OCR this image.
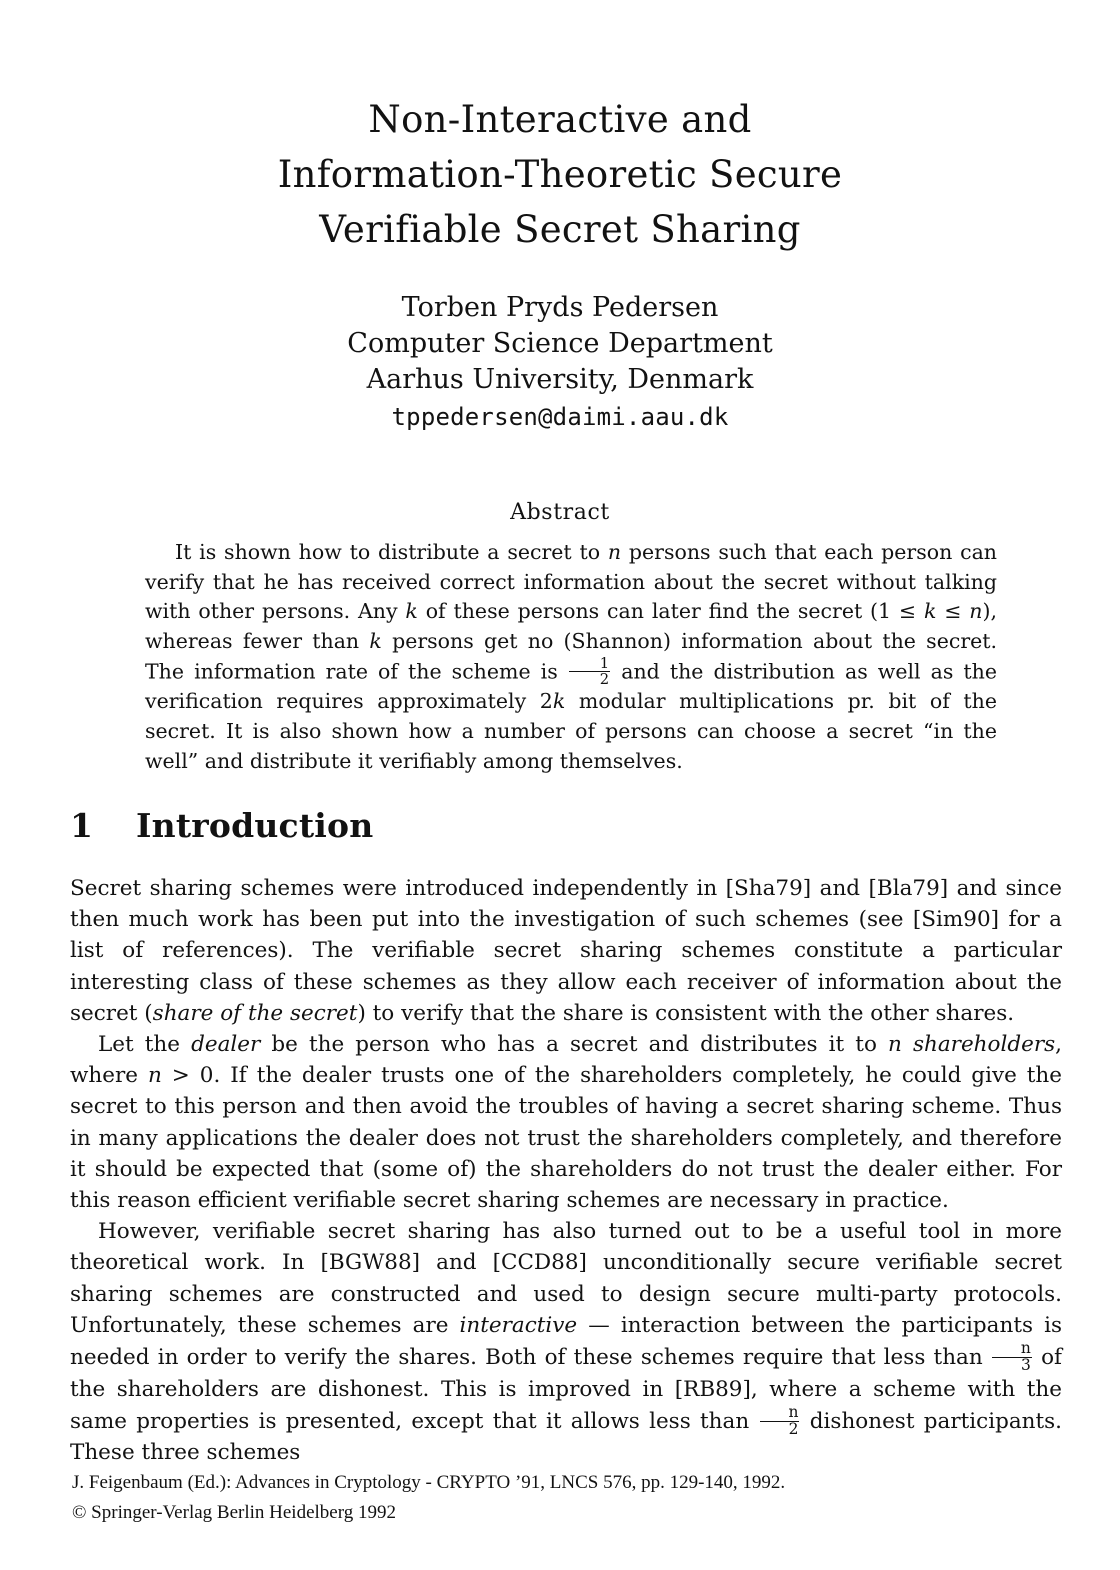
Non-Interactive and
Information-Theoretic Secure
Verifiable Secret Sharing
Torben Pryds Pedersen
Computer Science Department
Aarhus University, Denmark
tppedersen@daimi.aau.dk
Abstract

It is shown how to distribute a secret to n persons such that each person can verify that he has received correct information about the secret without talking with other persons. Any k of these persons can later find the secret (1 ≤ k ≤ n), whereas fewer than k persons get no (Shannon) information about the secret. The information rate of the scheme is $\frac{1}{2}$ and the distribution as well as the verification requires approximately 2k modular multiplications pr. bit of the secret. It is also shown how a number of persons can choose a secret “in the well” and distribute it verifiably among themselves.

1 Introduction

Secret sharing schemes were introduced independently in [Sha79] and [Bla79] and since then much work has been put into the investigation of such schemes (see [Sim90] for a list of references). The verifiable secret sharing schemes constitute a particular interesting class of these schemes as they allow each receiver of information about the secret (share of the secret) to verify that the share is consistent with the other shares.

Let the dealer be the person who has a secret and distributes it to n shareholders, where n > 0. If the dealer trusts one of the shareholders completely, he could give the secret to this person and then avoid the troubles of having a secret sharing scheme. Thus in many applications the dealer does not trust the shareholders completely, and therefore it should be expected that (some of) the shareholders do not trust the dealer either. For this reason efficient verifiable secret sharing schemes are necessary in practice.

However, verifiable secret sharing has also turned out to be a useful tool in more theoretical work. In [BGW88] and [CCD88] unconditionally secure verifiable secret sharing schemes are constructed and used to design secure multi-party protocols. Unfortunately, these schemes are interactive — interaction between the participants is needed in order to verify the shares. Both of these schemes require that less than $\frac{n}{3}$ of the shareholders are dishonest. This is improved in [RB89], where a scheme with the same properties is presented, except that it allows less than $\frac{n}{2}$ dishonest participants. These three schemes

J. Feigenbaum (Ed.): Advances in Cryptology - CRYPTO ’91, LNCS 576, pp. 129-140, 1992.
© Springer-Verlag Berlin Heidelberg 1992
